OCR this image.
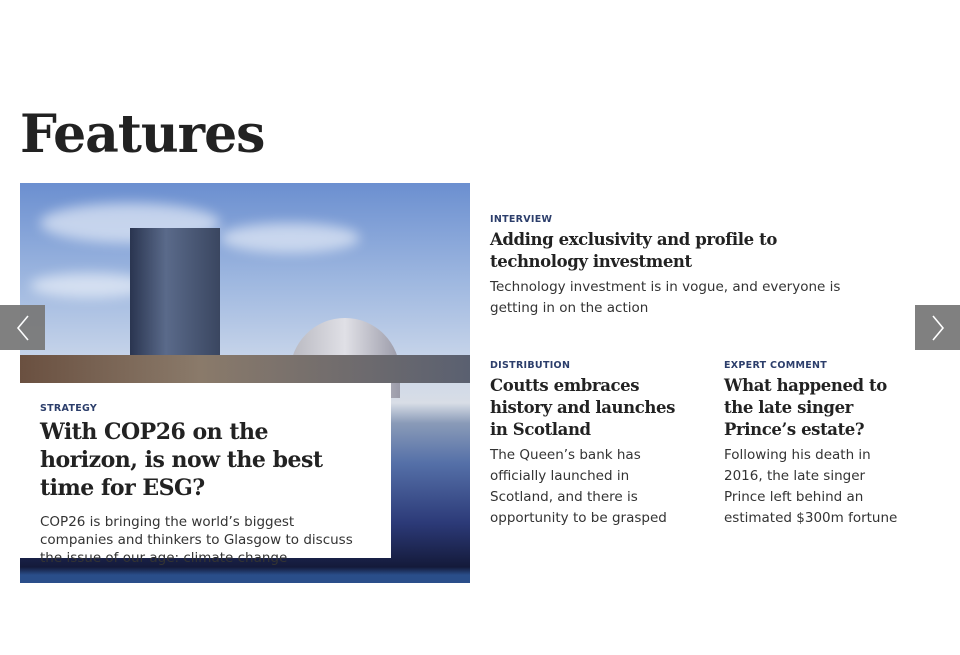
Features
STRATEGY
With COP26 on the horizon, is now the best time for ESG?

COP26 is bringing the world’s biggest companies and thinkers to Glasgow to discuss the issue of our age: climate change

INTERVIEW
Adding exclusivity and profile to technology investment

Technology investment is in vogue, and everyone is getting in on the action

DISTRIBUTION
Coutts embraces history and launches in Scotland

The Queen’s bank has officially launched in Scotland, and there is opportunity to be grasped

EXPERT COMMENT
What happened to the late singer Prince’s estate?

Following his death in 2016, the late singer Prince left behind an estimated $300m fortune
